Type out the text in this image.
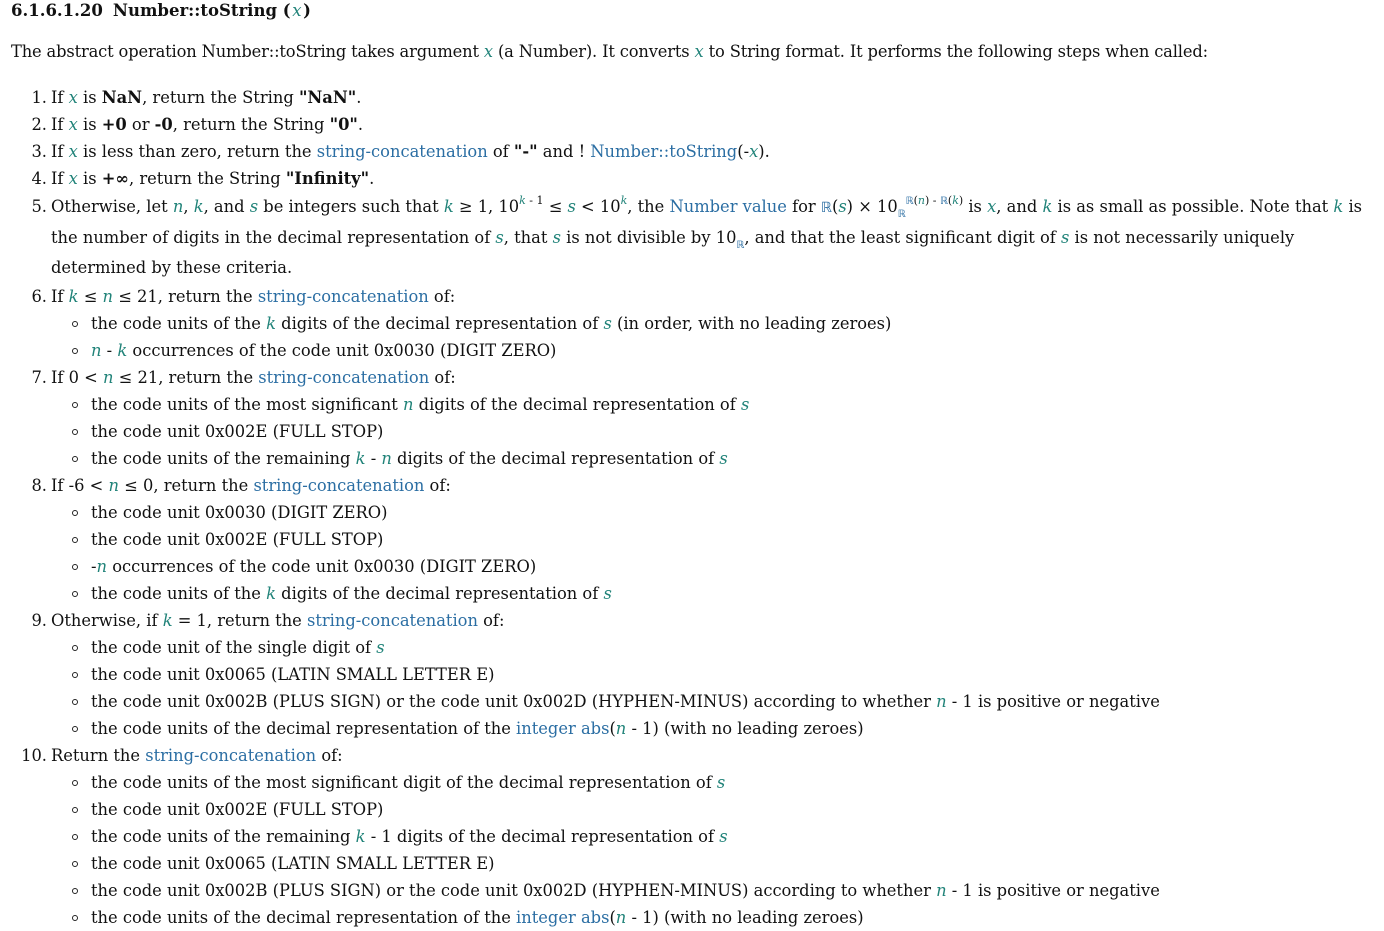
6.1.6.1.20 Number::toString (  x  )

The abstract operation Number::toString takes argument x (a Number). It converts x to String format. It performs the following steps when called:

1. If x is NaN, return the String "NaN".
2. If x is +0 or -0, return the String "0".
3. If x is less than zero, return the string-concatenation of "-" and ! Number::toString(-x).
4. If x is +∞, return the String "Infinity".
5. Otherwise, let n, k, and s be integers such that k ≥ 1, $10^{k - 1} \le s < 10^k$, the Number value for ℝ(s) × $10_ℝ^{ℝ(n) - ℝ(k)}$ is x, and k is as small as possible. Note that k is the number of digits in the decimal representation of s, that s is not divisible by $10_ℝ$, and that the least significant digit of s is not necessarily uniquely determined by these criteria.
6. If k ≤ n ≤ 21, return the string-concatenation of:
the code units of the k digits of the decimal representation of s (in order, with no leading zeroes)
n - k occurrences of the code unit 0x0030 (DIGIT ZERO)
7. If 0 < n ≤ 21, return the string-concatenation of:
the code units of the most significant n digits of the decimal representation of s
the code unit 0x002E (FULL STOP)
the code units of the remaining k - n digits of the decimal representation of s
8. If -6 < n ≤ 0, return the string-concatenation of:
the code unit 0x0030 (DIGIT ZERO)
the code unit 0x002E (FULL STOP)
-n occurrences of the code unit 0x0030 (DIGIT ZERO)
the code units of the k digits of the decimal representation of s
9. Otherwise, if k = 1, return the string-concatenation of:
the code unit of the single digit of s
the code unit 0x0065 (LATIN SMALL LETTER E)
the code unit 0x002B (PLUS SIGN) or the code unit 0x002D (HYPHEN-MINUS) according to whether n - 1 is positive or negative
the code units of the decimal representation of the integer abs(n - 1) (with no leading zeroes)
10. Return the string-concatenation of:
the code units of the most significant digit of the decimal representation of s
the code unit 0x002E (FULL STOP)
the code units of the remaining k - 1 digits of the decimal representation of s
the code unit 0x0065 (LATIN SMALL LETTER E)
the code unit 0x002B (PLUS SIGN) or the code unit 0x002D (HYPHEN-MINUS) according to whether n - 1 is positive or negative
the code units of the decimal representation of the integer abs(n - 1) (with no leading zeroes)
